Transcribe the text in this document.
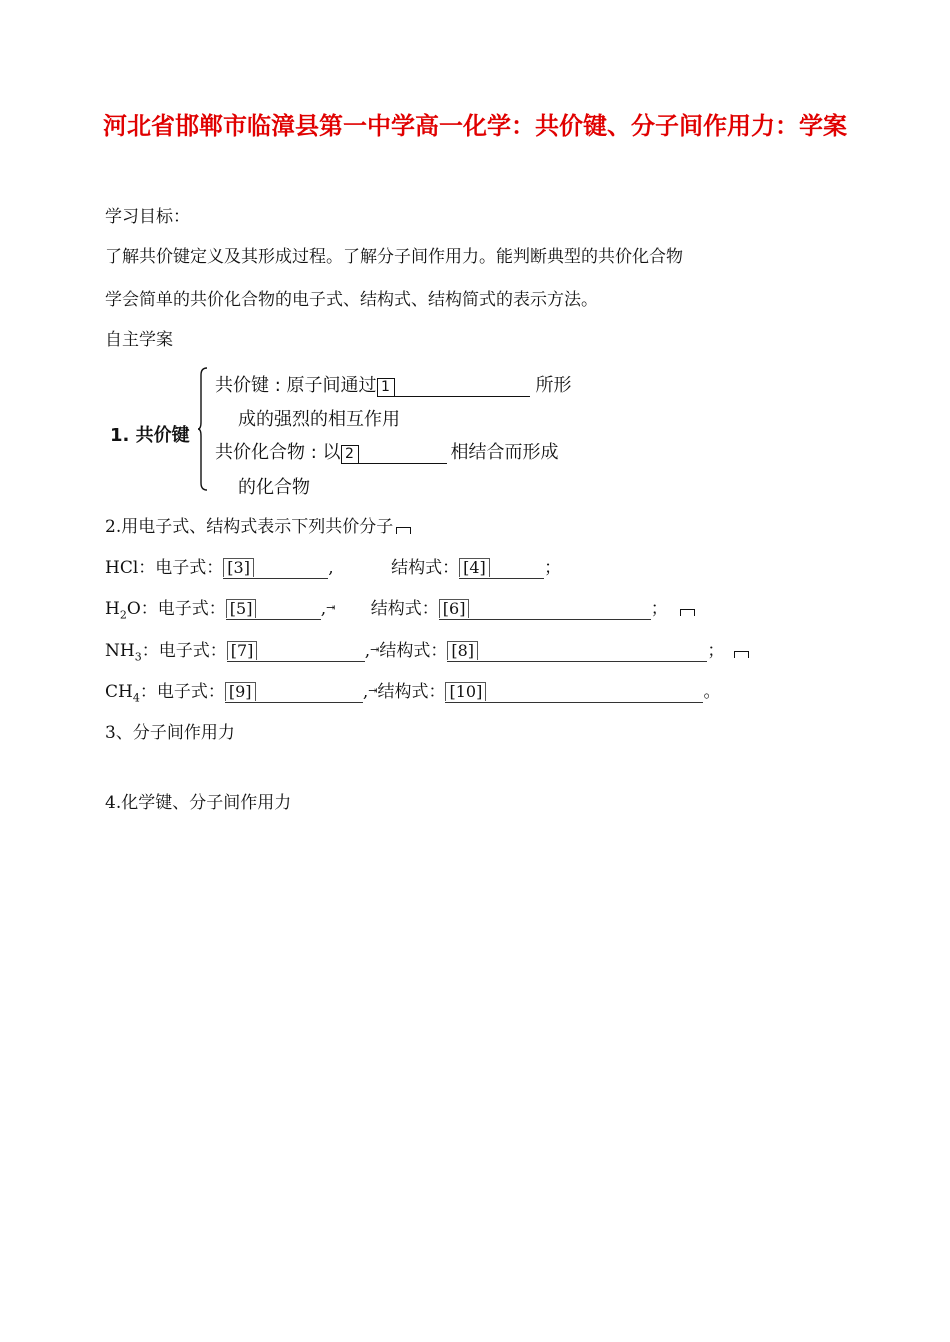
河北省邯郸市临漳县第一中学高一化学：共价键、分子间作用力：学案
学习目标：
了解共价键定义及其形成过程。了解分子间作用力。能判断典型的共价化合物
学会简单的共价化合物的电子式、结构式、结构简式的表示方法。
自主学案
1. 共价键
共价键 : 原子间通过 1	所形
成的强烈的相互作用
共价化合物 : 以 2	相结合而形成
的化合物
2.用电子式、结构式表示下列共价分子
HCl：电子式： [3]	,	结构式： [4]	；
$H_2O$：电子式： [5]	,⇥ 结构式： [6]	；
$NH_3$：电子式： [7]	,⇥结构式： [8]	；
$CH_4$：电子式： [9]	,⇥结构式： [10]	。
3、分子间作用力
4.化学键、分子间作用力
